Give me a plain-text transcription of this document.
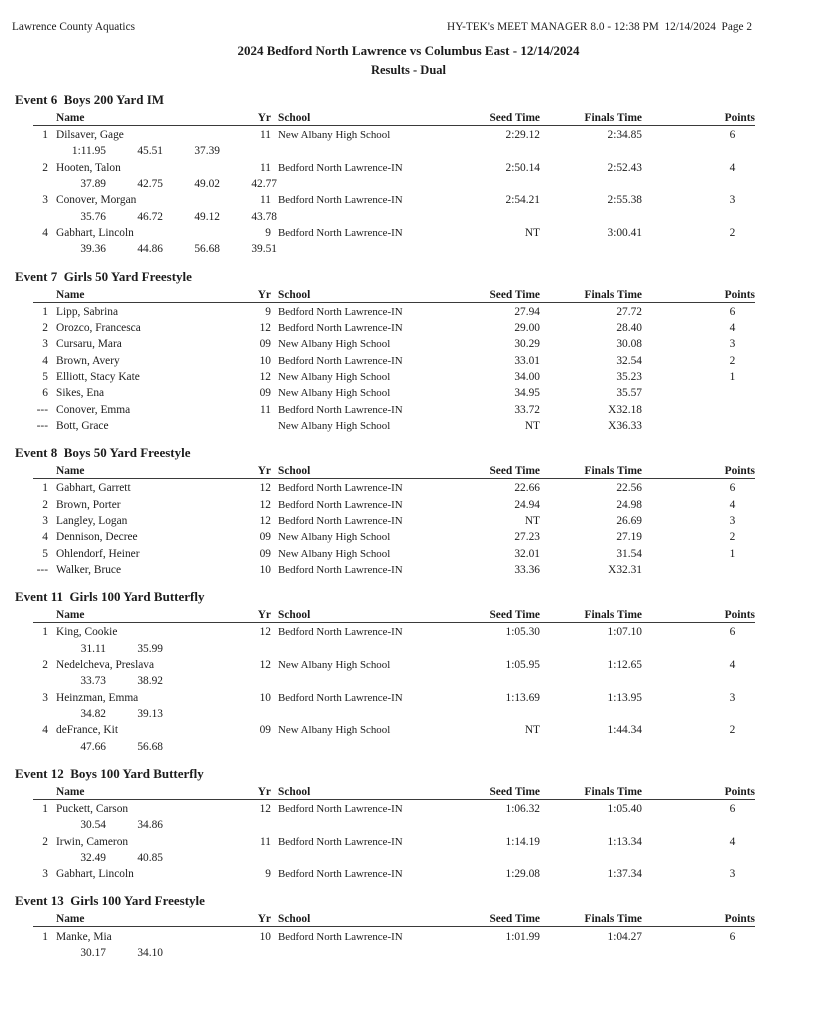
Lawrence County Aquatics	HY-TEK's MEET MANAGER 8.0 - 12:38 PM  12/14/2024  Page 2
2024 Bedford North Lawrence vs Columbus East - 12/14/2024
Results - Dual
Event 6  Boys 200 Yard IM
Name	Yr School	Seed Time	Finals Time	Points
1 Dilsaver, Gage	11 New Albany High School	2:29.12	2:34.85	6
1:11.95	45.51	37.39
2 Hooten, Talon	11 Bedford North Lawrence-IN	2:50.14	2:52.43	4
37.89	42.75	49.02	42.77
3 Conover, Morgan	11 Bedford North Lawrence-IN	2:54.21	2:55.38	3
35.76	46.72	49.12	43.78
4 Gabhart, Lincoln	9 Bedford North Lawrence-IN	NT	3:00.41	2
39.36	44.86	56.68	39.51
Event 7  Girls 50 Yard Freestyle
Name	Yr School	Seed Time	Finals Time	Points
1 Lipp, Sabrina	9 Bedford North Lawrence-IN	27.94	27.72	6
2 Orozco, Francesca	12 Bedford North Lawrence-IN	29.00	28.40	4
3 Cursaru, Mara	09 New Albany High School	30.29	30.08	3
4 Brown, Avery	10 Bedford North Lawrence-IN	33.01	32.54	2
5 Elliott, Stacy Kate	12 New Albany High School	34.00	35.23	1
6 Sikes, Ena	09 New Albany High School	34.95	35.57
--- Conover, Emma	11 Bedford North Lawrence-IN	33.72	X32.18
--- Bott, Grace	New Albany High School	NT	X36.33
Event 8  Boys 50 Yard Freestyle
Name	Yr School	Seed Time	Finals Time	Points
1 Gabhart, Garrett	12 Bedford North Lawrence-IN	22.66	22.56	6
2 Brown, Porter	12 Bedford North Lawrence-IN	24.94	24.98	4
3 Langley, Logan	12 Bedford North Lawrence-IN	NT	26.69	3
4 Dennison, Decree	09 New Albany High School	27.23	27.19	2
5 Ohlendorf, Heiner	09 New Albany High School	32.01	31.54	1
--- Walker, Bruce	10 Bedford North Lawrence-IN	33.36	X32.31
Event 11  Girls 100 Yard Butterfly
Name	Yr School	Seed Time	Finals Time	Points
1 King, Cookie	12 Bedford North Lawrence-IN	1:05.30	1:07.10	6
31.11	35.99
2 Nedelcheva, Preslava	12 New Albany High School	1:05.95	1:12.65	4
33.73	38.92
3 Heinzman, Emma	10 Bedford North Lawrence-IN	1:13.69	1:13.95	3
34.82	39.13
4 deFrance, Kit	09 New Albany High School	NT	1:44.34	2
47.66	56.68
Event 12  Boys 100 Yard Butterfly
Name	Yr School	Seed Time	Finals Time	Points
1 Puckett, Carson	12 Bedford North Lawrence-IN	1:06.32	1:05.40	6
30.54	34.86
2 Irwin, Cameron	11 Bedford North Lawrence-IN	1:14.19	1:13.34	4
32.49	40.85
3 Gabhart, Lincoln	9 Bedford North Lawrence-IN	1:29.08	1:37.34	3
Event 13  Girls 100 Yard Freestyle
Name	Yr School	Seed Time	Finals Time	Points
1 Manke, Mia	10 Bedford North Lawrence-IN	1:01.99	1:04.27	6
30.17	34.10
